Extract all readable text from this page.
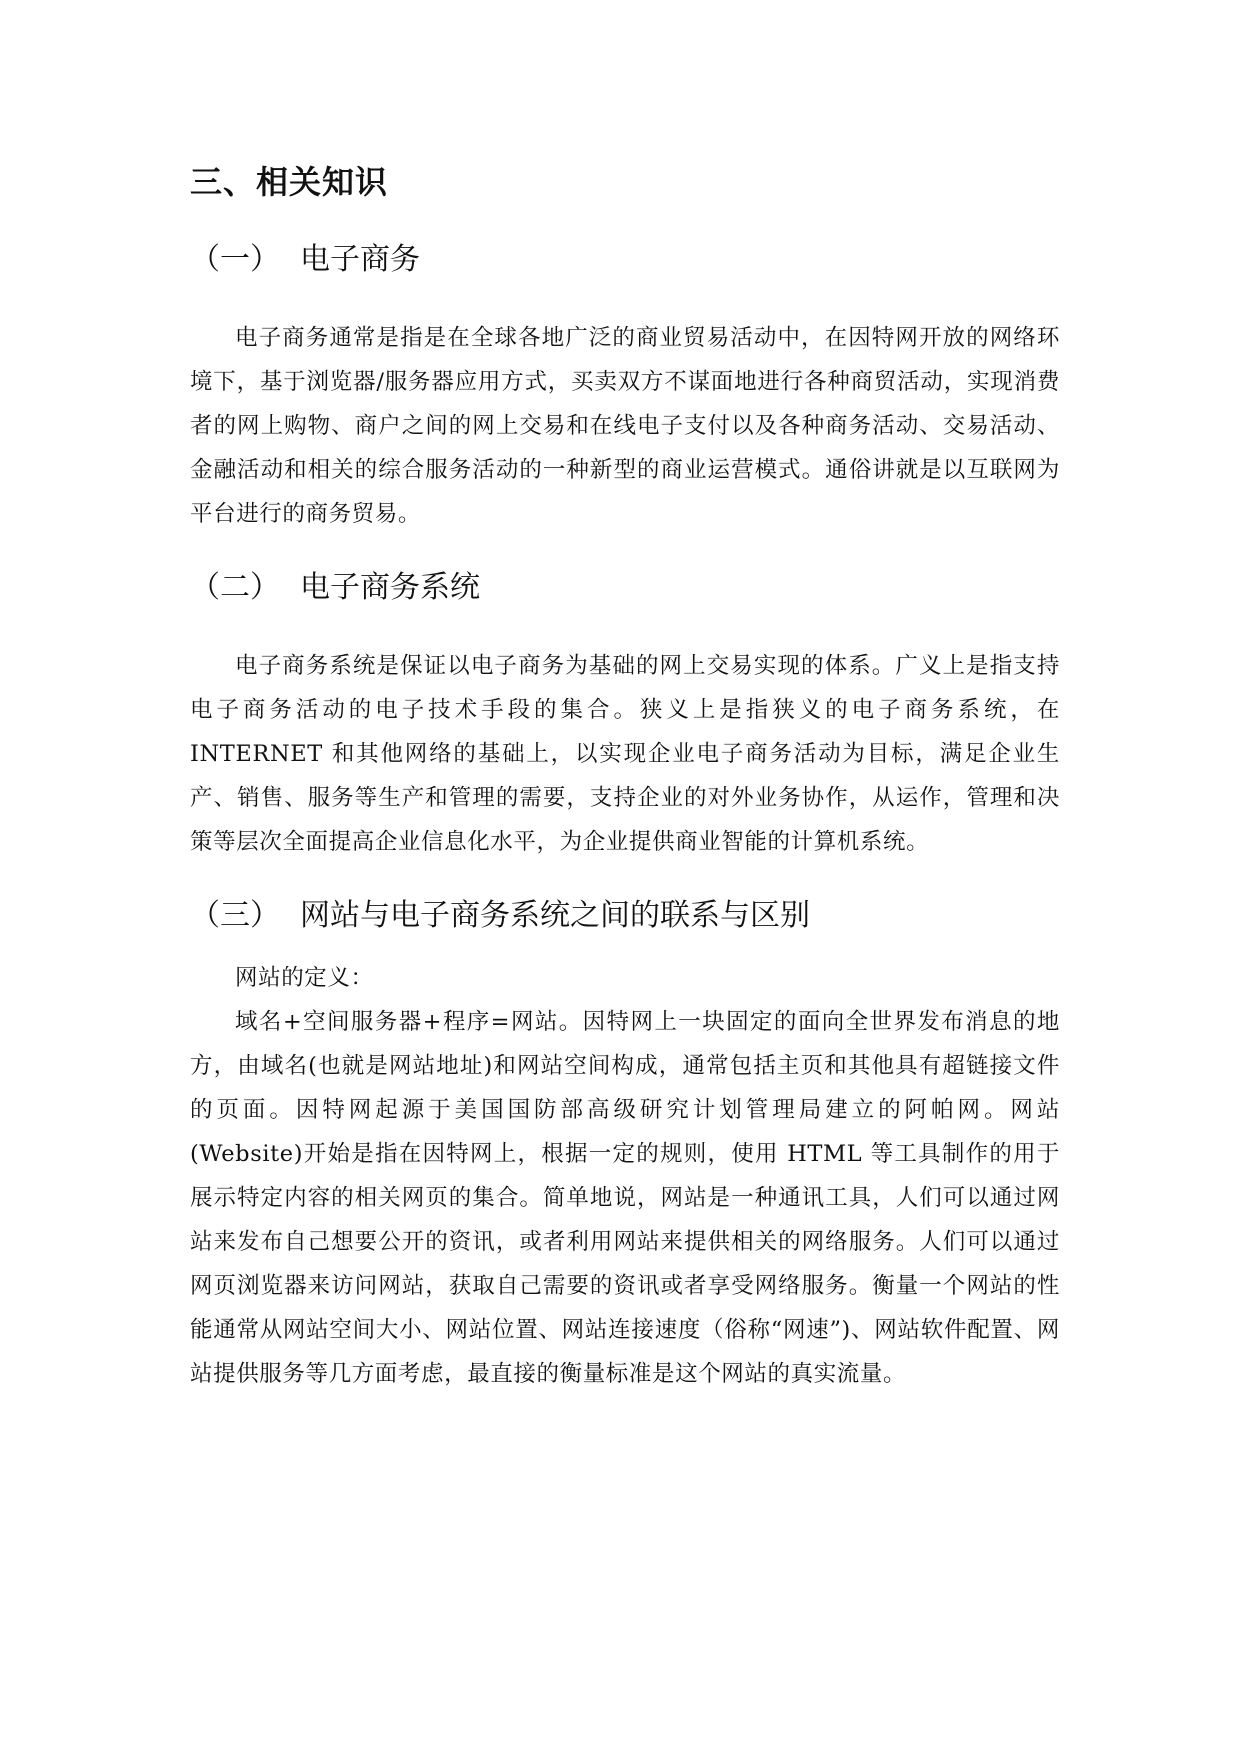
三、相关知识
（一） 电子商务

电子商务通常是指是在全球各地广泛的商业贸易活动中，在因特网开放的网络环境下，基于浏览器/服务器应用方式，买卖双方不谋面地进行各种商贸活动，实现消费者的网上购物、商户之间的网上交易和在线电子支付以及各种商务活动、交易活动、金融活动和相关的综合服务活动的一种新型的商业运营模式。通俗讲就是以互联网为平台进行的商务贸易。

（二） 电子商务系统

电子商务系统是保证以电子商务为基础的网上交易实现的体系。广义上是指支持电子商务活动的电子技术手段的集合。狭义上是指狭义的电子商务系统，在 INTERNET 和其他网络的基础上，以实现企业电子商务活动为目标，满足企业生产、销售、服务等生产和管理的需要，支持企业的对外业务协作，从运作，管理和决策等层次全面提高企业信息化水平，为企业提供商业智能的计算机系统。

（三） 网站与电子商务系统之间的联系与区别

网站的定义：

域名+空间服务器+程序=网站。因特网上一块固定的面向全世界发布消息的地方，由域名(也就是网站地址)和网站空间构成，通常包括主页和其他具有超链接文件的页面。因特网起源于美国国防部高级研究计划管理局建立的阿帕网。网站(Website)开始是指在因特网上，根据一定的规则，使用 HTML 等工具制作的用于展示特定内容的相关网页的集合。简单地说，网站是一种通讯工具，人们可以通过网站来发布自己想要公开的资讯，或者利用网站来提供相关的网络服务。人们可以通过网页浏览器来访问网站，获取自己需要的资讯或者享受网络服务。衡量一个网站的性能通常从网站空间大小、网站位置、网站连接速度（俗称“网速”)、网站软件配置、网站提供服务等几方面考虑，最直接的衡量标准是这个网站的真实流量。
